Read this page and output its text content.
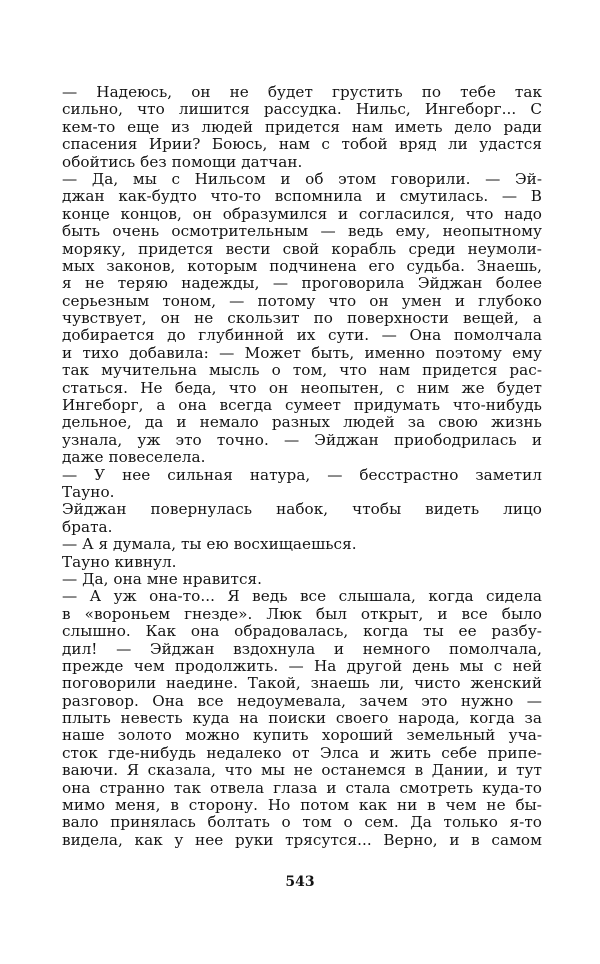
— Надеюсь, он не будет грустить по тебе так
сильно, что лишится рассудка. Нильс, Ингеборг... С
кем-то еще из людей придется нам иметь дело ради
спасения Ирии? Боюсь, нам с тобой вряд ли удастся
обойтись без помощи датчан.
— Да, мы с Нильсом и об этом говорили. — Эй-
джан как-будто что-то вспомнила и смутилась. — В
конце концов, он образумился и согласился, что надо
быть очень осмотрительным — ведь ему, неопытному
моряку, придется вести свой корабль среди неумоли-
мых законов, которым подчинена его судьба. Знаешь,
я не теряю надежды, — проговорила Эйджан более
серьезным тоном, — потому что он умен и глубоко
чувствует, он не скользит по поверхности вещей, а
добирается до глубинной их сути. — Она помолчала
и тихо добавила: — Может быть, именно поэтому ему
так мучительна мысль о том, что нам придется рас-
статься. Не беда, что он неопытен, с ним же будет
Ингеборг, а она всегда сумеет придумать что-нибудь
дельное, да и немало разных людей за свою жизнь
узнала, уж это точно. — Эйджан приободрилась и
даже повеселела.
— У нее сильная натура, — бесстрастно заметил
Тауно.
Эйджан повернулась набок, чтобы видеть лицо
брата.
— А я думала, ты ею восхищаешься.
Тауно кивнул.
— Да, она мне нравится.
— А уж она-то... Я ведь все слышала, когда сидела
в «вороньем гнезде». Люк был открыт, и все было
слышно. Как она обрадовалась, когда ты ее разбу-
дил! — Эйджан вздохнула и немного помолчала,
прежде чем продолжить. — На другой день мы с ней
поговорили наедине. Такой, знаешь ли, чисто женский
разговор. Она все недоумевала, зачем это нужно —
плыть невесть куда на поиски своего народа, когда за
наше золото можно купить хороший земельный уча-
сток где-нибудь недалеко от Элса и жить себе припе-
ваючи. Я сказала, что мы не останемся в Дании, и тут
она странно так отвела глаза и стала смотреть куда-то
мимо меня, в сторону. Но потом как ни в чем не бы-
вало принялась болтать о том о сем. Да только я-то
видела, как у нее руки трясутся... Верно, и в самом
543
